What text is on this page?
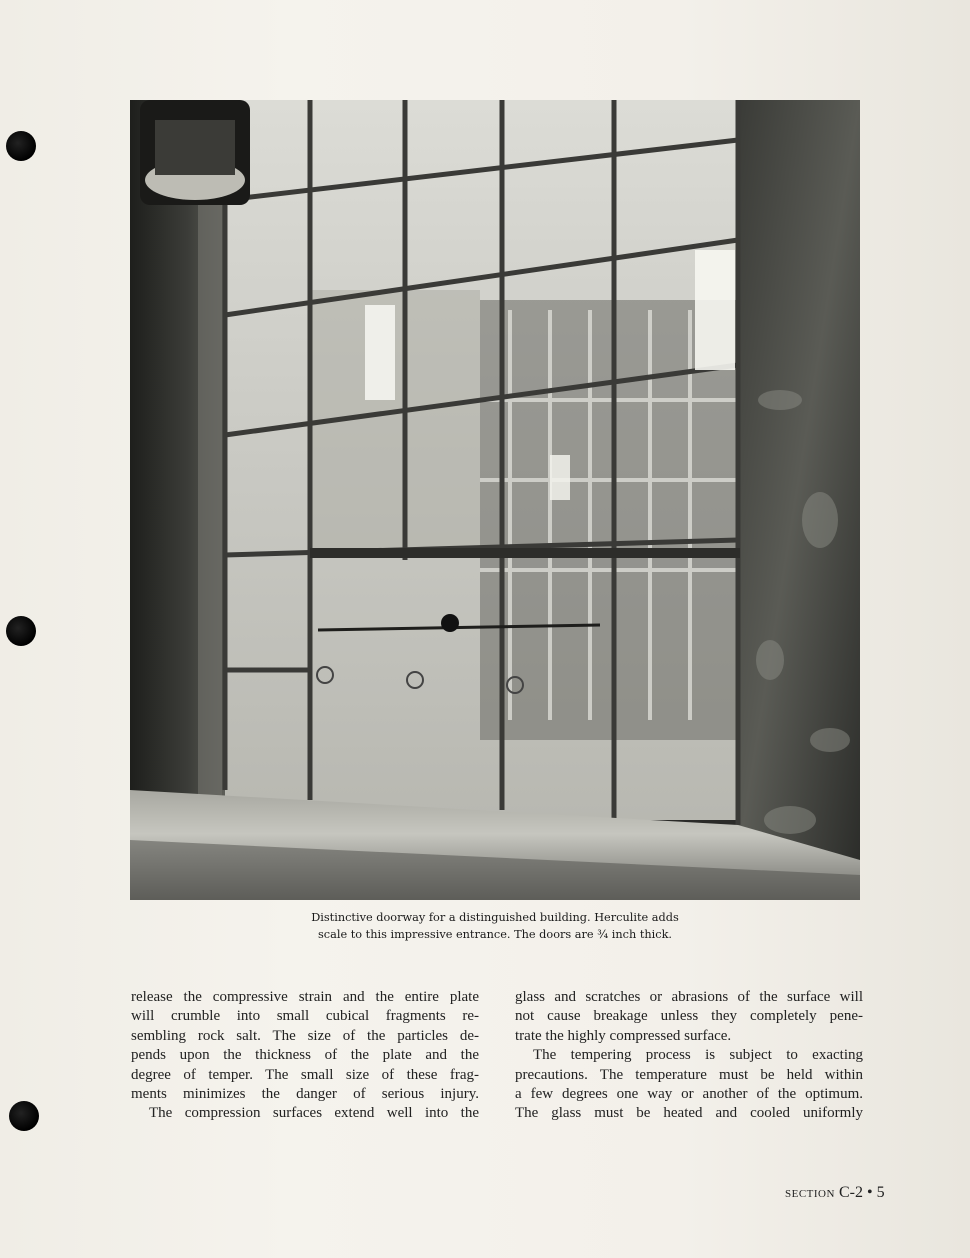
Distinctive doorway for a distinguished building. Herculite adds
scale to this impressive entrance. The doors are ¾ inch thick.
release the compressive strain and the entire plate
will crumble into small cubical fragments re-
sembling rock salt. The size of the particles de-
pends upon the thickness of the plate and the
degree of temper. The small size of these frag-
ments minimizes the danger of serious injury.
The compression surfaces extend well into the
glass and scratches or abrasions of the surface will
not cause breakage unless they completely pene-
trate the highly compressed surface.
The tempering process is subject to exacting
precautions. The temperature must be held within
a few degrees one way or another of the optimum.
The glass must be heated and cooled uniformly
SECTION C-2 • 5
